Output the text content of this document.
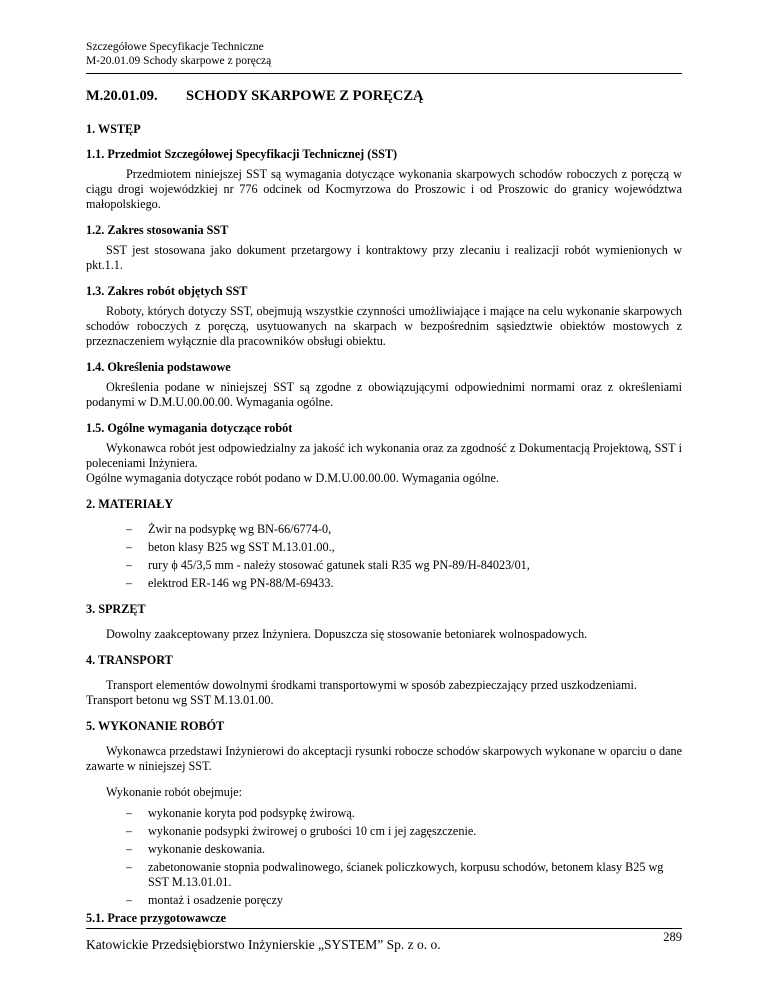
Szczegółowe Specyfikacje Techniczne
M-20.01.09 Schody skarpowe z poręczą
M.20.01.09. SCHODY SKARPOWE Z PORĘCZĄ
1. WSTĘP
1.1. Przedmiot Szczegółowej Specyfikacji Technicznej (SST)

Przedmiotem niniejszej SST są wymagania dotyczące wykonania skarpowych schodów roboczych z poręczą w ciągu drogi wojewódzkiej nr 776 odcinek od Kocmyrzowa do Proszowic i od Proszowic do granicy województwa małopolskiego.

1.2. Zakres stosowania SST

SST jest stosowana jako dokument przetargowy i kontraktowy przy zlecaniu i realizacji robót wymienionych w pkt.1.1.

1.3. Zakres robót objętych SST

Roboty, których dotyczy SST, obejmują wszystkie czynności umożliwiające i mające na celu wykonanie skarpowych schodów roboczych z poręczą, usytuowanych na skarpach w bezpośrednim sąsiedztwie obiektów mostowych z przeznaczeniem wyłącznie dla pracowników obsługi obiektu.

1.4. Określenia podstawowe

Określenia podane w niniejszej SST są zgodne z obowiązującymi odpowiednimi normami oraz z określeniami podanymi w D.M.U.00.00.00. Wymagania ogólne.

1.5. Ogólne wymagania dotyczące robót

Wykonawca robót jest odpowiedzialny za jakość ich wykonania oraz za zgodność z Dokumentacją Projektową, SST i poleceniami Inżyniera.

Ogólne wymagania dotyczące robót podano w D.M.U.00.00.00. Wymagania ogólne.

2. MATERIAŁY
– Żwir na podsypkę wg BN-66/6774-0,
– beton klasy B25 wg SST M.13.01.00.,
– rury ϕ 45/3,5 mm - należy stosować gatunek stali R35 wg PN-89/H-84023/01,
– elektrod ER-146 wg PN-88/M-69433.
3. SPRZĘT

Dowolny zaakceptowany przez Inżyniera. Dopuszcza się stosowanie betoniarek wolnospadowych.

4. TRANSPORT

Transport elementów dowolnymi środkami transportowymi w sposób zabezpieczający przed uszkodzeniami.

Transport betonu wg SST M.13.01.00.

5. WYKONANIE ROBÓT

Wykonawca przedstawi Inżynierowi do akceptacji rysunki robocze schodów skarpowych wykonane w oparciu o dane zawarte w niniejszej SST.

Wykonanie robót obejmuje:

– wykonanie koryta pod podsypkę żwirową.
– wykonanie podsypki żwirowej o grubości 10 cm i jej zagęszczenie.
– wykonanie deskowania.
– zabetonowanie stopnia podwalinowego, ścianek policzkowych, korpusu schodów, betonem klasy B25 wg SST M.13.01.01.
– montaż i osadzenie poręczy
5.1. Prace przygotowawcze
Katowickie Przedsiębiorstwo Inżynierskie „SYSTEM” Sp. z o. o.	289
